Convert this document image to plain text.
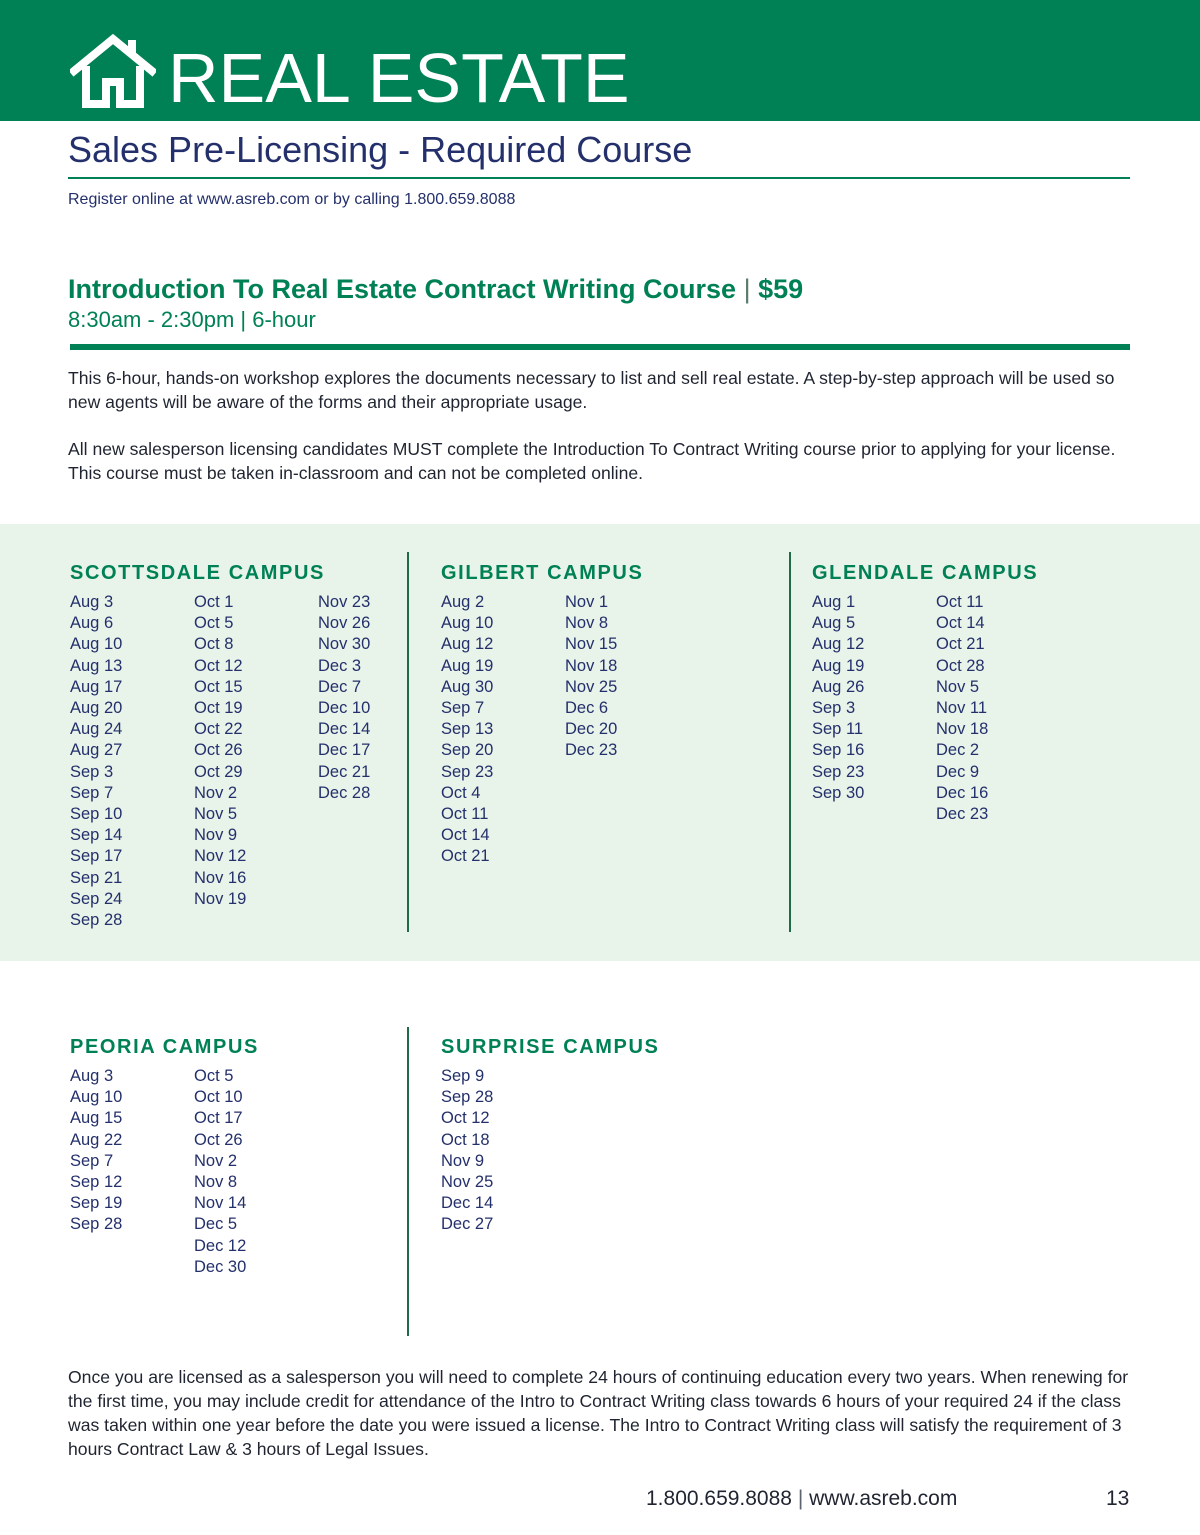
REAL ESTATE
Sales Pre-Licensing - Required Course
Register online at www.asreb.com or by calling 1.800.659.8088
Introduction To Real Estate Contract Writing Course | $59
8:30am - 2:30pm | 6-hour

This 6-hour, hands-on workshop explores the documents necessary to list and sell real estate. A step-by-step approach will be used so new agents will be aware of the forms and their appropriate usage.

All new salesperson licensing candidates MUST complete the Introduction To Contract Writing course prior to applying for your license. This course must be taken in-classroom and can not be completed online.

SCOTTSDALE CAMPUS
Aug 3
Aug 6
Aug 10
Aug 13
Aug 17
Aug 20
Aug 24
Aug 27
Sep 3
Sep 7
Sep 10
Sep 14
Sep 17
Sep 21
Sep 24
Sep 28
Oct 1
Oct 5
Oct 8
Oct 12
Oct 15
Oct 19
Oct 22
Oct 26
Oct 29
Nov 2
Nov 5
Nov 9
Nov 12
Nov 16
Nov 19
Nov 23
Nov 26
Nov 30
Dec 3
Dec 7
Dec 10
Dec 14
Dec 17
Dec 21
Dec 28
GILBERT CAMPUS
Aug 2
Aug 10
Aug 12
Aug 19
Aug 30
Sep 7
Sep 13
Sep 20
Sep 23
Oct 4
Oct 11
Oct 14
Oct 21
Nov 1
Nov 8
Nov 15
Nov 18
Nov 25
Dec 6
Dec 20
Dec 23
GLENDALE CAMPUS
Aug 1
Aug 5
Aug 12
Aug 19
Aug 26
Sep 3
Sep 11
Sep 16
Sep 23
Sep 30
Oct 11
Oct 14
Oct 21
Oct 28
Nov 5
Nov 11
Nov 18
Dec 2
Dec 9
Dec 16
Dec 23
PEORIA CAMPUS
Aug 3
Aug 10
Aug 15
Aug 22
Sep 7
Sep 12
Sep 19
Sep 28
Oct 5
Oct 10
Oct 17
Oct 26
Nov 2
Nov 8
Nov 14
Dec 5
Dec 12
Dec 30
SURPRISE CAMPUS
Sep 9
Sep 28
Oct 12
Oct 18
Nov 9
Nov 25
Dec 14
Dec 27

Once you are licensed as a salesperson you will need to complete 24 hours of continuing education every two years. When renewing for the first time, you may include credit for attendance of the Intro to Contract Writing class towards 6 hours of your required 24 if the class was taken within one year before the date you were issued a license. The Intro to Contract Writing class will satisfy the requirement of 3 hours Contract Law & 3 hours of Legal Issues.

1.800.659.8088 | www.asreb.com	13
